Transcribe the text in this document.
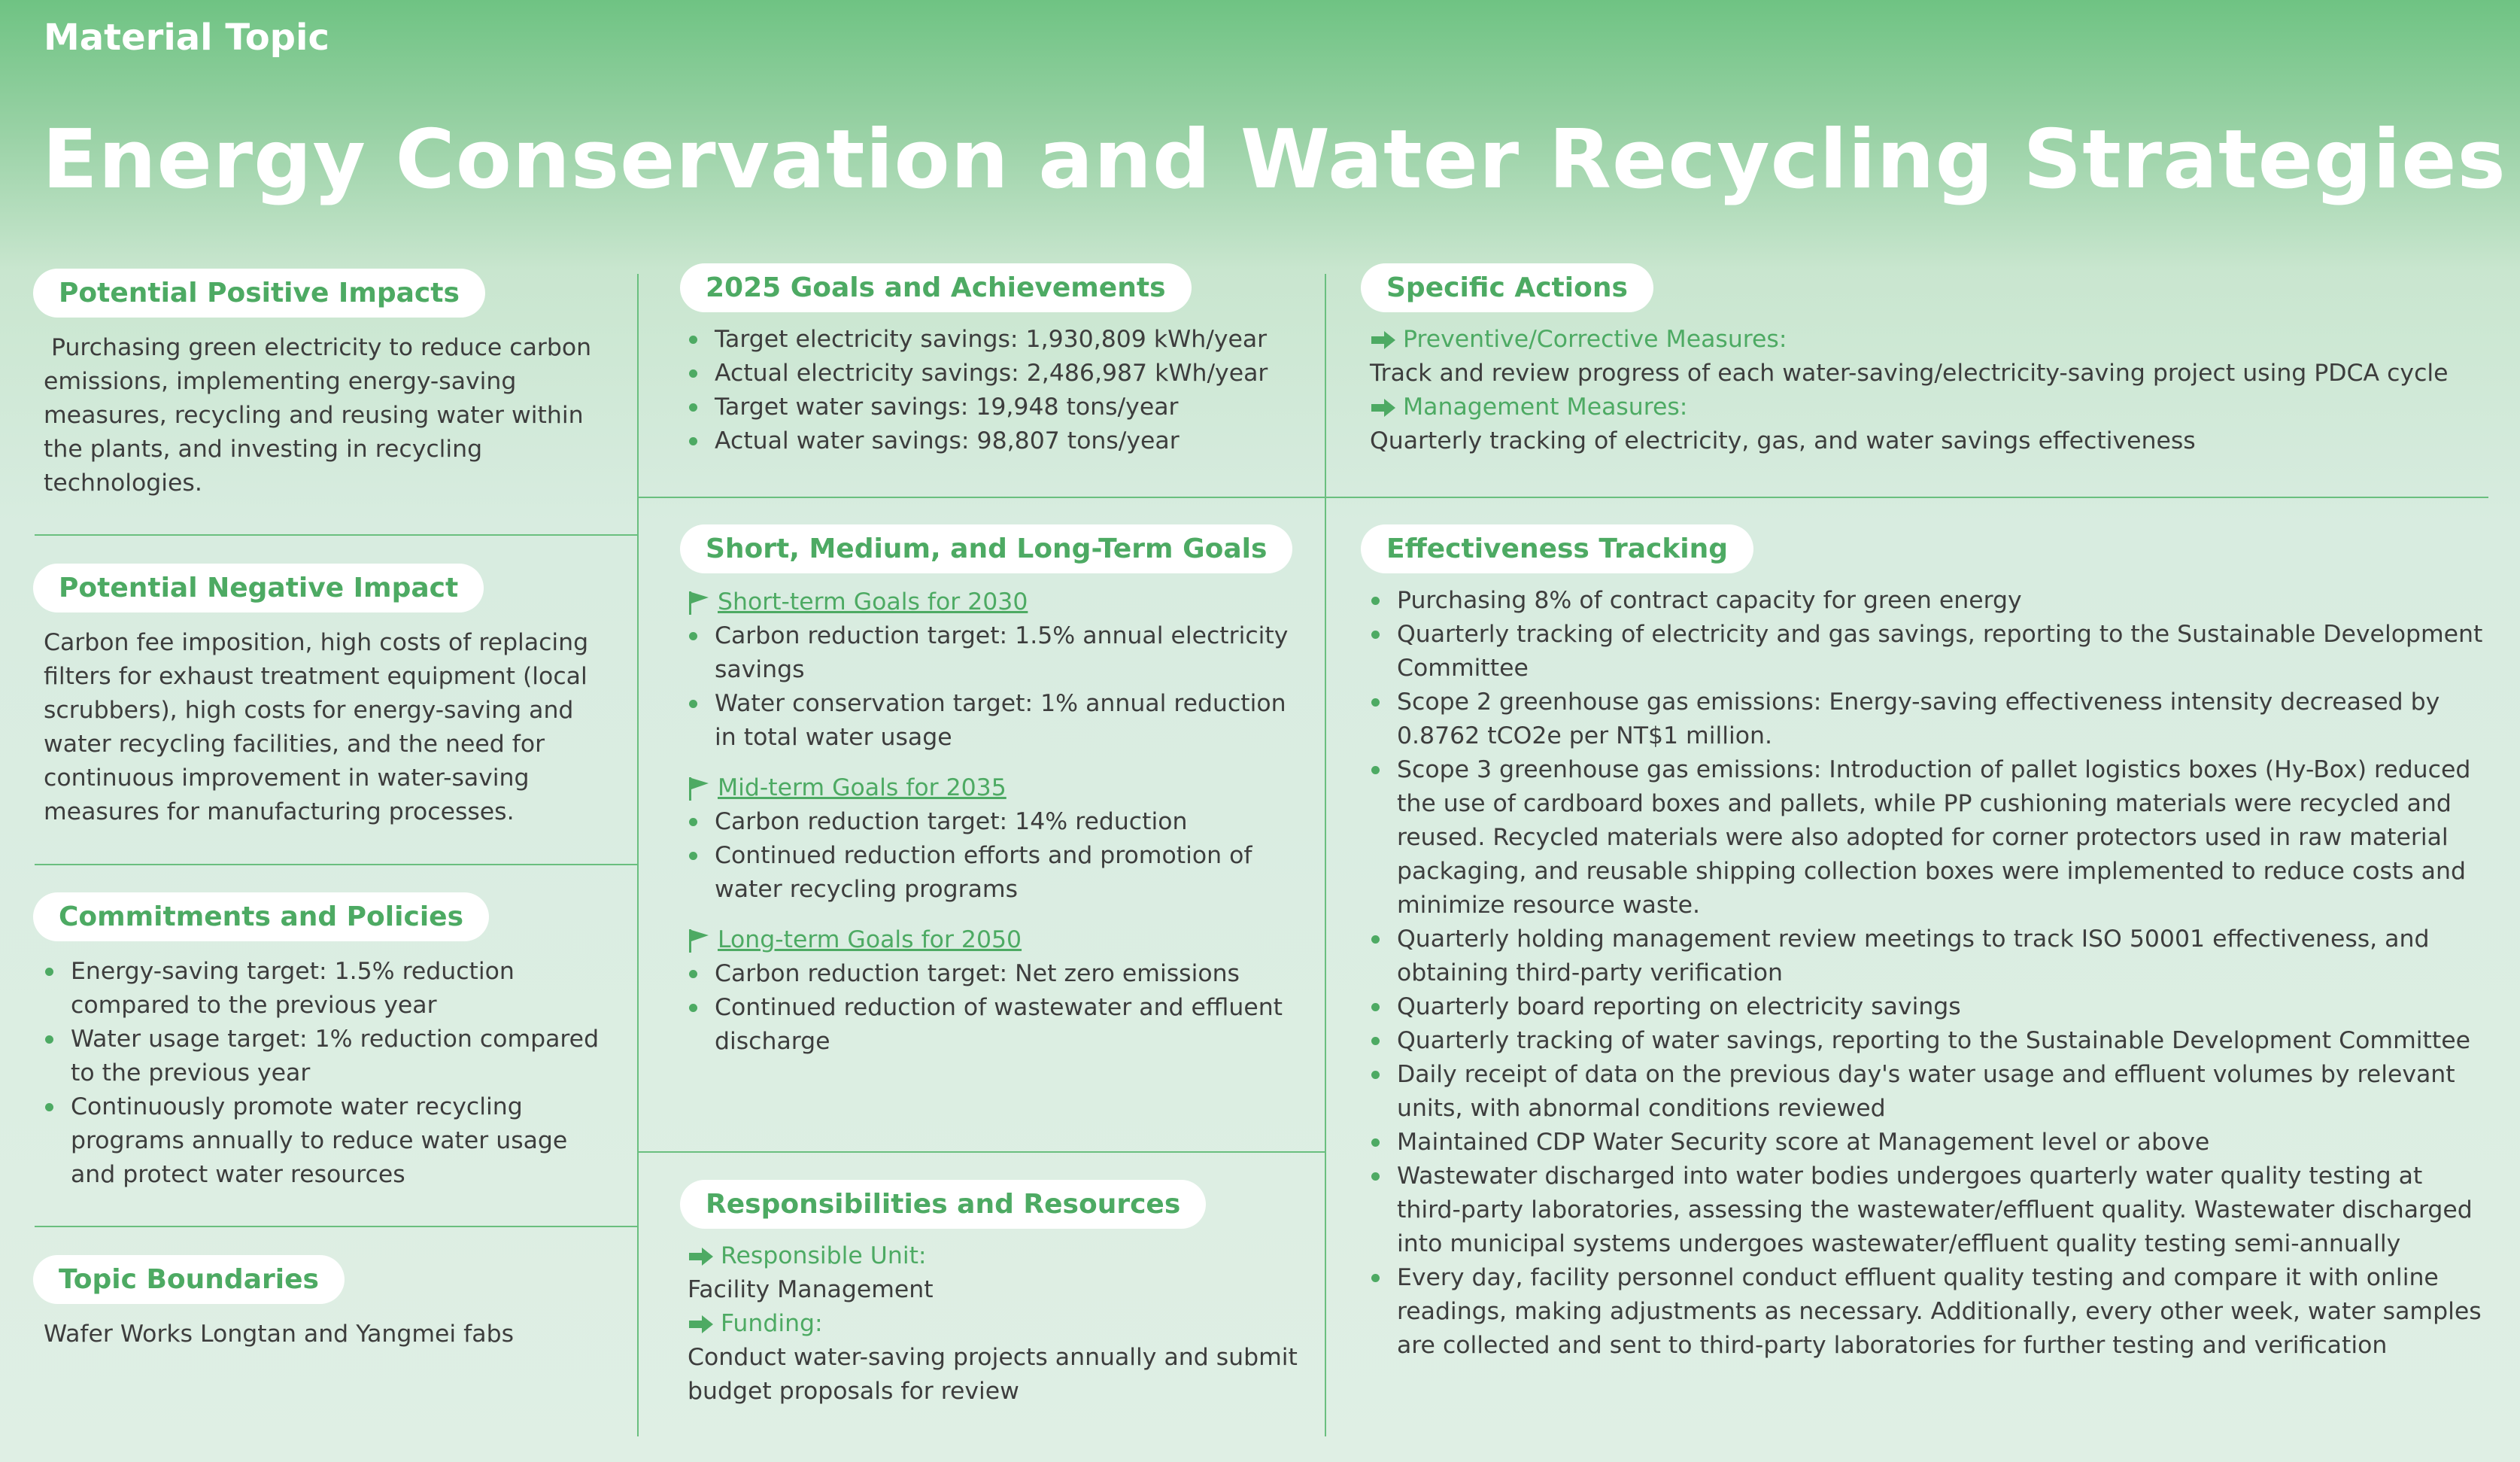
Material Topic
Energy Conservation and Water Recycling Strategies
Potential Positive Impacts
Purchasing green electricity to reduce carbon emissions, implementing energy-saving measures, recycling and reusing water within the plants, and investing in recycling technologies.
Potential Negative Impact
Carbon fee imposition, high costs of replacing filters for exhaust treatment equipment (local scrubbers), high costs for energy-saving and water recycling facilities, and the need for continuous improvement in water-saving measures for manufacturing processes.
Commitments and Policies
Energy-saving target: 1.5% reduction compared to the previous year
Water usage target: 1% reduction compared to the previous year
Continuously promote water recycling programs annually to reduce water usage and protect water resources
Topic Boundaries
Wafer Works Longtan and Yangmei fabs
2025 Goals and Achievements
Target electricity savings: 1,930,809 kWh/year
Actual electricity savings: 2,486,987 kWh/year
Target water savings: 19,948 tons/year
Actual water savings: 98,807 tons/year
Short, Medium, and Long-Term Goals
Short-term Goals for 2030
Carbon reduction target: 1.5% annual electricity savings
Water conservation target: 1% annual reduction in total water usage
Mid-term Goals for 2035
Carbon reduction target: 14% reduction
Continued reduction efforts and promotion of water recycling programs
Long-term Goals for 2050
Carbon reduction target: Net zero emissions
Continued reduction of wastewater and effluent discharge
Responsibilities and Resources
Responsible Unit:
Facility Management
Funding:
Conduct water-saving projects annually and submit budget proposals for review
Specific Actions
Preventive/Corrective Measures:
Track and review progress of each water-saving/electricity-saving project using PDCA cycle
Management Measures:
Quarterly tracking of electricity, gas, and water savings effectiveness
Effectiveness Tracking
Purchasing 8% of contract capacity for green energy
Quarterly tracking of electricity and gas savings, reporting to the Sustainable Development Committee
Scope 2 greenhouse gas emissions: Energy-saving effectiveness intensity decreased by 0.8762 tCO2e per NT$1 million.
Scope 3 greenhouse gas emissions: Introduction of pallet logistics boxes (Hy-Box) reduced the use of cardboard boxes and pallets, while PP cushioning materials were recycled and reused. Recycled materials were also adopted for corner protectors used in raw material packaging, and reusable shipping collection boxes were implemented to reduce costs and minimize resource waste.
Quarterly holding management review meetings to track ISO 50001 effectiveness, and obtaining third-party verification
Quarterly board reporting on electricity savings
Quarterly tracking of water savings, reporting to the Sustainable Development Committee
Daily receipt of data on the previous day's water usage and effluent volumes by relevant units, with abnormal conditions reviewed
Maintained CDP Water Security score at Management level or above
Wastewater discharged into water bodies undergoes quarterly water quality testing at third-party laboratories, assessing the wastewater/effluent quality. Wastewater discharged into municipal systems undergoes wastewater/effluent quality testing semi-annually
Every day, facility personnel conduct effluent quality testing and compare it with online readings, making adjustments as necessary. Additionally, every other week, water samples are collected and sent to third-party laboratories for further testing and verification
